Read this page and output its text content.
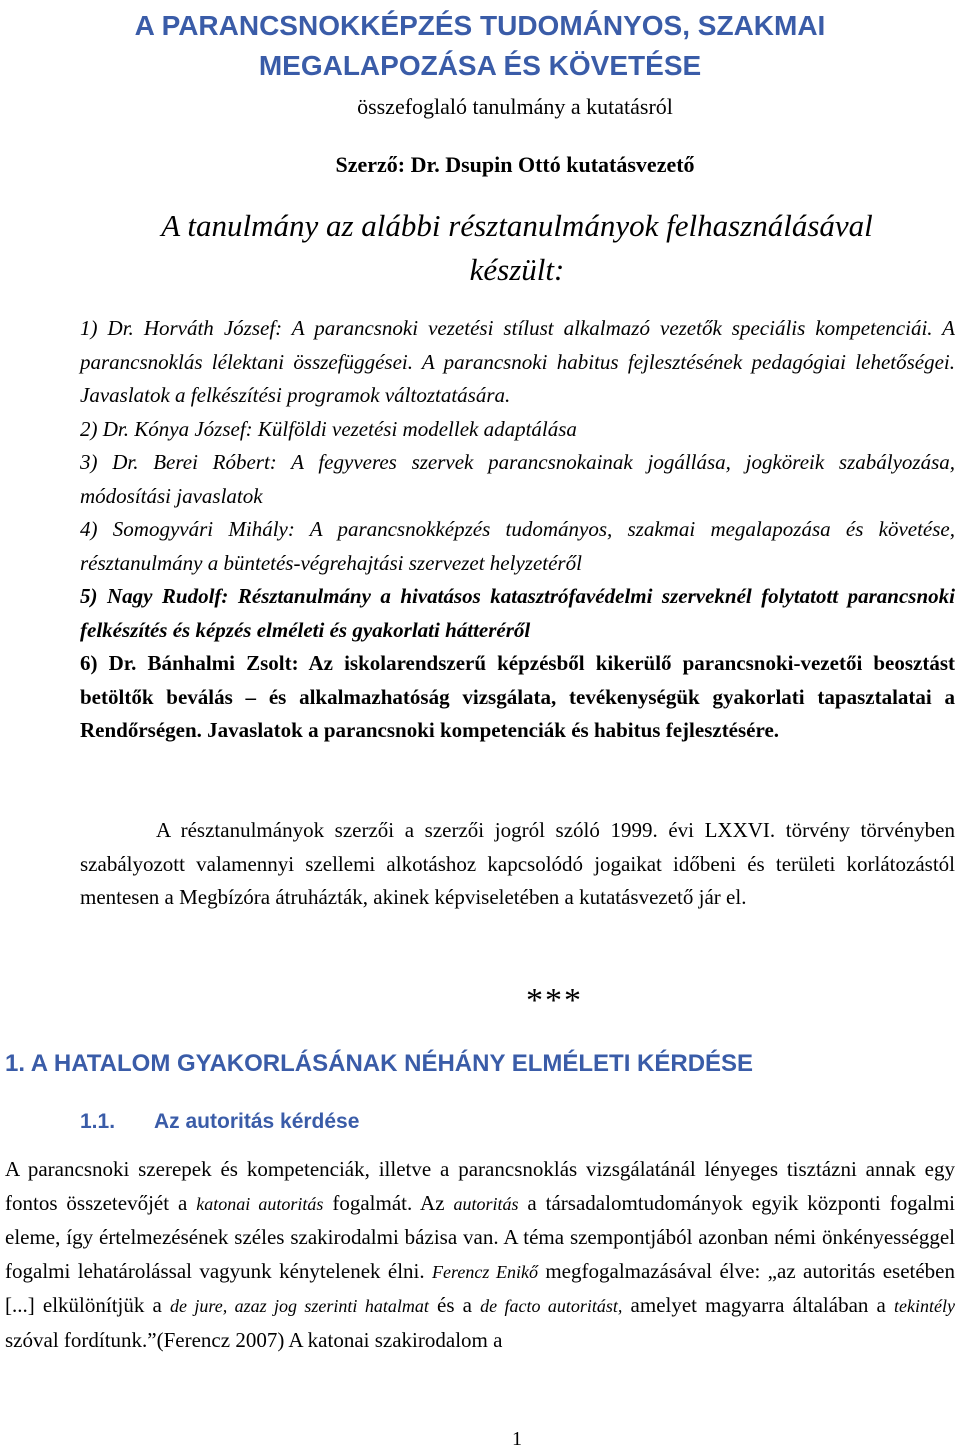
A PARANCSNOKKÉPZÉS TUDOMÁNYOS, SZAKMAI
MEGALAPOZÁSA ÉS KÖVETÉSE

összefoglaló tanulmány a kutatásról

Szerző: Dr. Dsupin Ottó kutatásvezető

A tanulmány az alábbi résztanulmányok felhasználásával
készült:

1) Dr. Horváth József: A parancsnoki vezetési stílust alkalmazó vezetők speciális kompetenciái. A parancsnoklás lélektani összefüggései. A parancsnoki habitus fejlesztésének pedagógiai lehetőségei. Javaslatok a felkészítési programok változtatására.
2) Dr. Kónya József: Külföldi vezetési modellek adaptálása
3) Dr. Berei Róbert: A fegyveres szervek parancsnokainak jogállása, jogköreik szabályozása, módosítási javaslatok
4) Somogyvári Mihály: A parancsnokképzés tudományos, szakmai megalapozása és követése, résztanulmány a büntetés-végrehajtási szervezet helyzetéről
5) Nagy Rudolf: Résztanulmány a hivatásos katasztrófavédelmi szerveknél folytatott parancsnoki felkészítés és képzés elméleti és gyakorlati hátteréről
6) Dr. Bánhalmi Zsolt: Az iskolarendszerű képzésből kikerülő parancsnoki-vezetői beosztást betöltők beválás – és alkalmazhatóság vizsgálata, tevékenységük gyakorlati tapasztalatai a Rendőrségen. Javaslatok a parancsnoki kompetenciák és habitus fejlesztésére.

A résztanulmányok szerzői a szerzői jogról szóló 1999. évi LXXVI. törvény törvényben szabályozott valamennyi szellemi alkotáshoz kapcsolódó jogaikat időbeni és területi korlátozástól mentesen a Megbízóra átruházták, akinek képviseletében a kutatásvezető jár el.

***

1. A HATALOM GYAKORLÁSÁNAK NÉHÁNY ELMÉLETI KÉRDÉSE
1.1. Az autoritás kérdése

A parancsnoki szerepek és kompetenciák, illetve a parancsnoklás vizsgálatánál lényeges tisztázni annak egy fontos összetevőjét a katonai autoritás fogalmát. Az autoritás a társadalomtudományok egyik központi fogalmi eleme, így értelmezésének széles szakirodalmi bázisa van. A téma szempontjából azonban némi önkényességgel fogalmi lehatárolással vagyunk kénytelenek élni. Ferencz Enikő megfogalmazásával élve: „az autoritás esetében [...] elkülönítjük a de jure, azaz jog szerinti hatalmat és a de facto autoritást, amelyet magyarra általában a tekintély szóval fordítunk.”(Ferencz 2007) A katonai szakirodalom a

1
